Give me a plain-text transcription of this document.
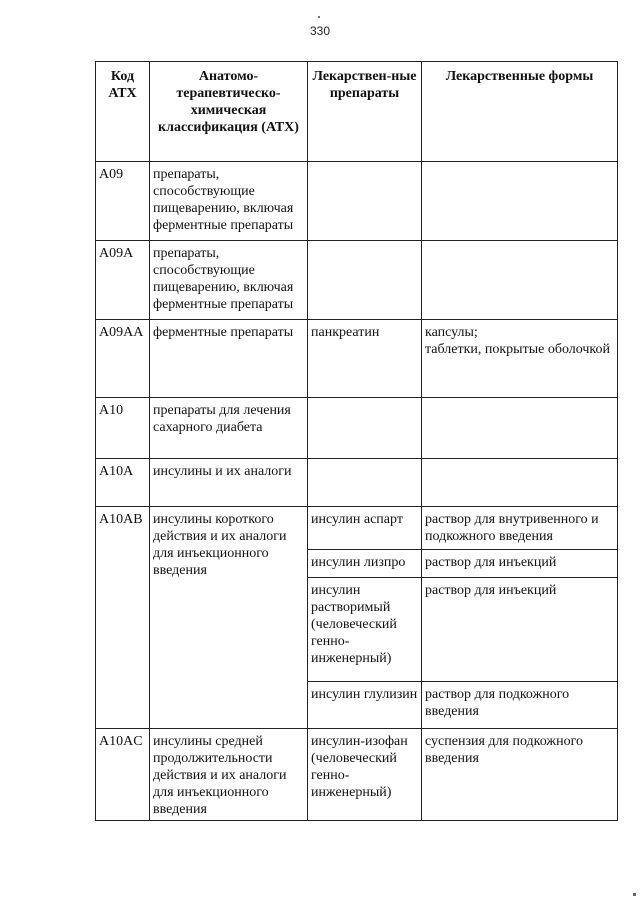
330
Код АТХ	Анатомо-терапевтическо-химическая классификация (АТХ)	Лекарствен-ные препараты	Лекарственные формы
A09	препараты, способствующие пищеварению, включая ферментные препараты		
A09A	препараты, способствующие пищеварению, включая ферментные препараты		
A09AA	ферментные препараты	панкреатин	капсулы;
таблетки, покрытые оболочкой
A10	препараты для лечения сахарного диабета		
A10A	инсулины и их аналоги		
A10AB	инсулины короткого действия и их аналоги для инъекционного введения	инсулин аспарт	раствор для внутривенного и подкожного введения
		инсулин лизпро	раствор для инъекций
		инсулин растворимый (человеческий генно-инженерный)	раствор для инъекций
		инсулин глулизин	раствор для подкожного введения
A10AC	инсулины средней продолжительности действия и их аналоги для инъекционного введения	инсулин-изофан (человеческий генно-инженерный)	суспензия для подкожного введения
